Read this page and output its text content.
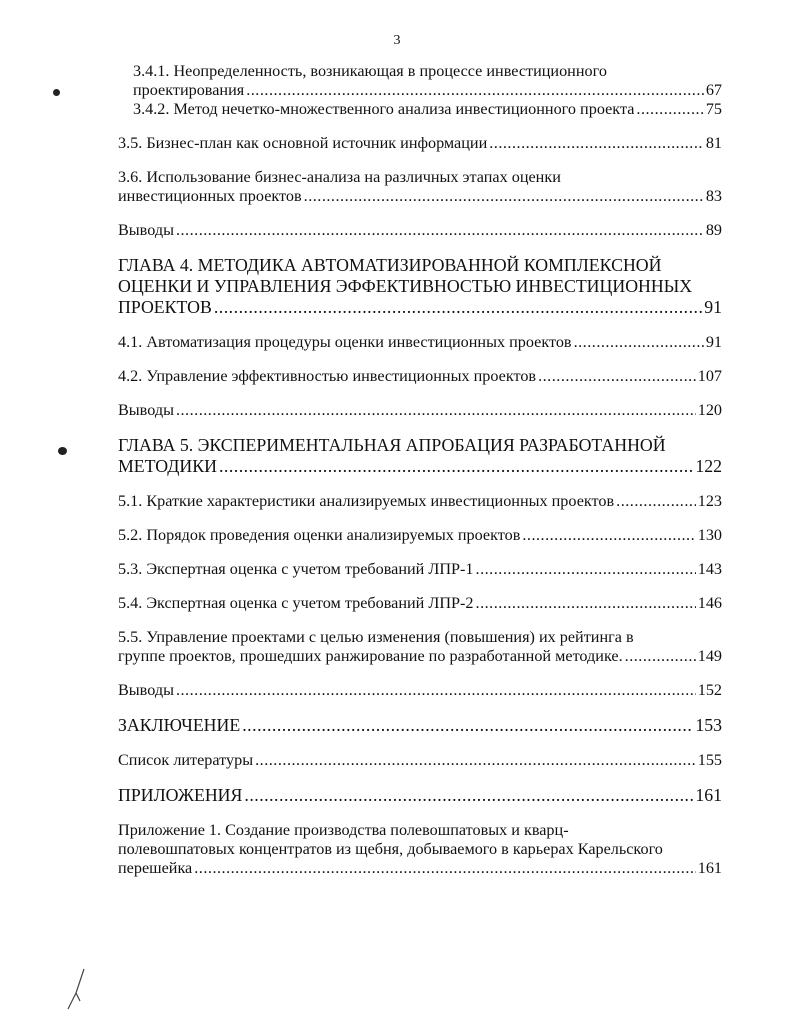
3
3.4.1. Неопределенность, возникающая в процессе инвестиционного
проектирования .....	67
3.4.2. Метод нечетко-множественного анализа инвестиционного проекта .....	75
3.5. Бизнес-план как основной источник информации .....	81
3.6. Использование бизнес-анализа на различных этапах оценки
инвестиционных проектов .....	83
Выводы .....	89
ГЛАВА 4. МЕТОДИКА АВТОМАТИЗИРОВАННОЙ КОМПЛЕКСНОЙ
ОЦЕНКИ И УПРАВЛЕНИЯ ЭФФЕКТИВНОСТЬЮ ИНВЕСТИЦИОННЫХ
ПРОЕКТОВ .....	91
4.1. Автоматизация процедуры оценки инвестиционных проектов .....	91
4.2. Управление эффективностью инвестиционных проектов .....	107
Выводы .....	120
ГЛАВА 5. ЭКСПЕРИМЕНТАЛЬНАЯ АПРОБАЦИЯ РАЗРАБОТАННОЙ
МЕТОДИКИ .....	122
5.1. Краткие характеристики анализируемых инвестиционных проектов .....	123
5.2. Порядок проведения оценки анализируемых проектов .....	130
5.3. Экспертная оценка с учетом требований ЛПР-1 .....	143
5.4. Экспертная оценка с учетом требований ЛПР-2 .....	146
5.5. Управление проектами с целью изменения (повышения) их рейтинга в
группе проектов, прошедших ранжирование по разработанной методике. .....	149
Выводы .....	152
ЗАКЛЮЧЕНИЕ .....	153
Список литературы .....	155
ПРИЛОЖЕНИЯ .....	161
Приложение 1. Создание производства полевошпатовых и кварц-
полевошпатовых концентратов из щебня, добываемого в карьерах Карельского
перешейка .....	161
